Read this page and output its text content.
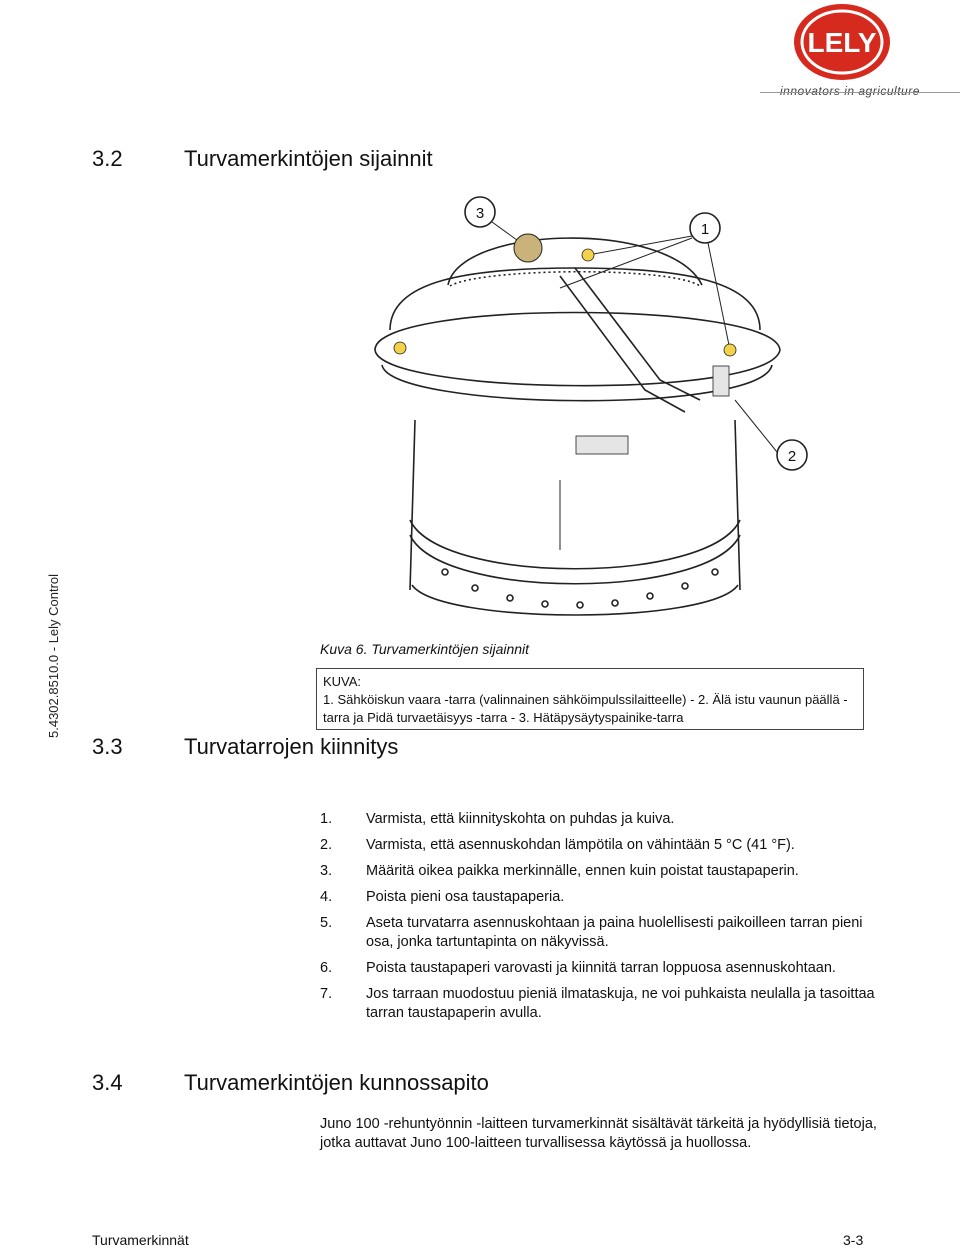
LELY
innovators in agriculture
5.4302.8510.0 - Lely Control
3.2	Turvamerkintöjen sijainnit
3
1
2
Kuva 6. Turvamerkintöjen sijainnit
KUVA:
1. Sähköiskun vaara -tarra (valinnainen sähköimpulssilaitteelle) - 2. Älä istu vaunun päällä -
tarra ja Pidä turvaetäisyys -tarra - 3. Hätäpysäytyspainike-tarra
3.3	Turvatarrojen kiinnitys
1.	Varmista, että kiinnityskohta on puhdas ja kuiva.
2.	Varmista, että asennuskohdan lämpötila on vähintään 5 °C (41 °F).
3.	Määritä oikea paikka merkinnälle, ennen kuin poistat taustapaperin.
4.	Poista pieni osa taustapaperia.
5.	Aseta turvatarra asennuskohtaan ja paina huolellisesti paikoilleen tarran pieni osa, jonka tartuntapinta on näkyvissä.
6.	Poista taustapaperi varovasti ja kiinnitä tarran loppuosa asennuskohtaan.
7.	Jos tarraan muodostuu pieniä ilmataskuja, ne voi puhkaista neulalla ja tasoittaa tarran taustapaperin avulla.
3.4	Turvamerkintöjen kunnossapito
Juno 100 -rehuntyönnin -laitteen turvamerkinnät sisältävät tärkeitä ja hyödyllisiä tietoja, jotka auttavat Juno 100-laitteen turvallisessa käytössä ja huollossa.
Turvamerkinnät	3-3
